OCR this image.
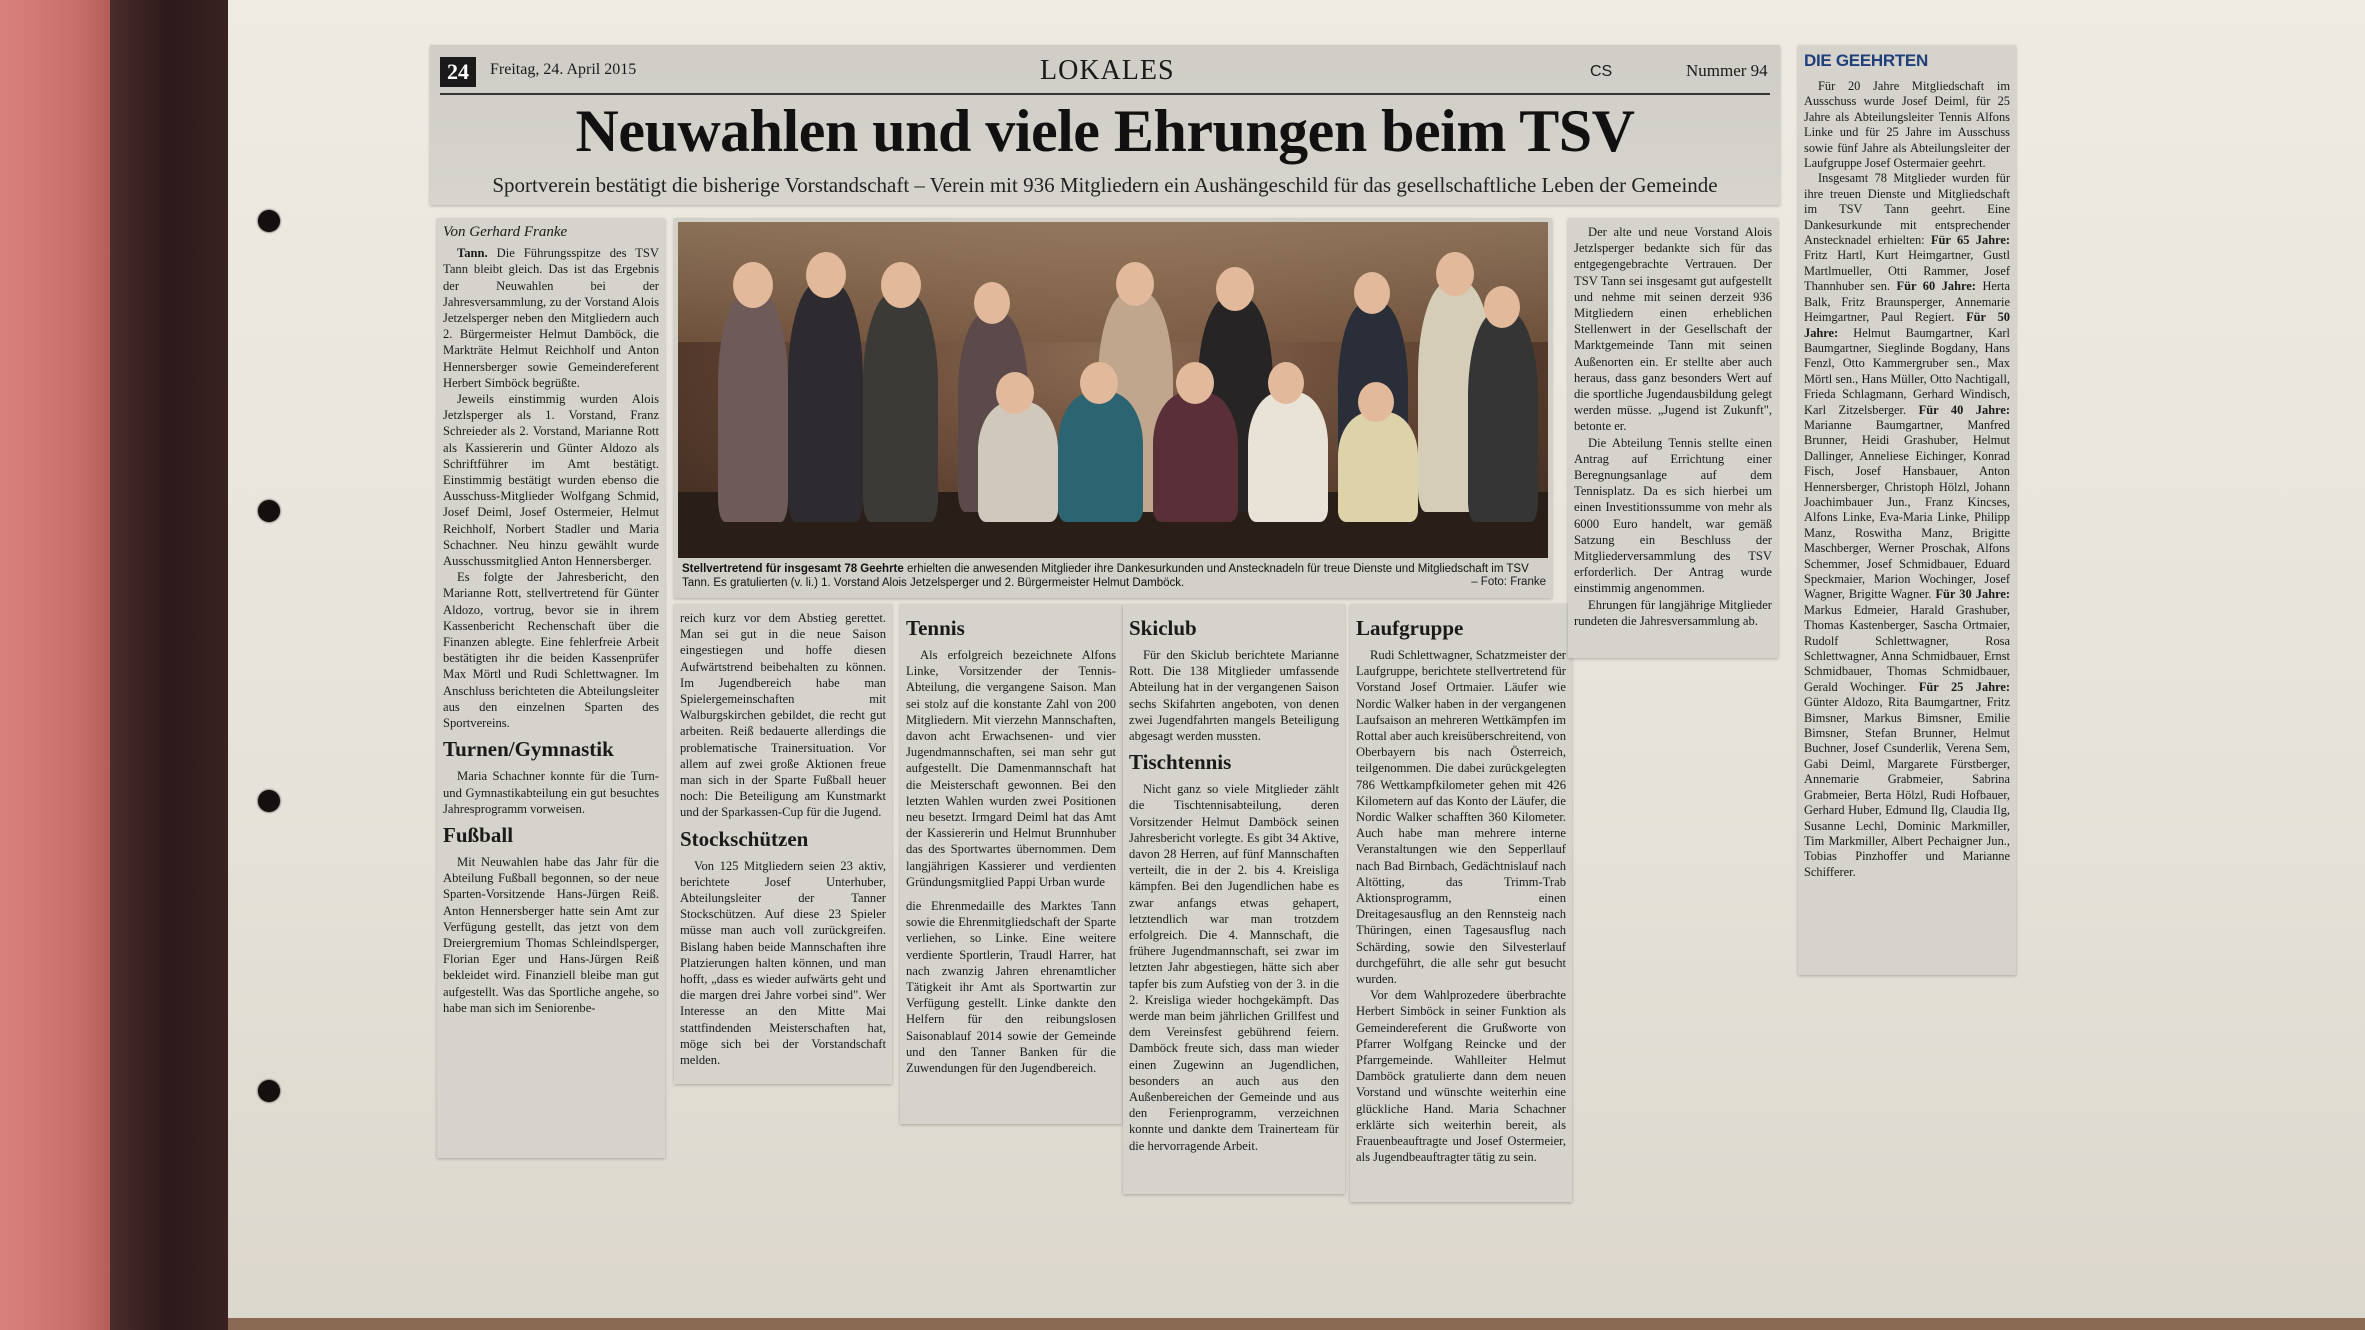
24	Freitag, 24. April 2015	LOKALES	CS	Nummer 94
Neuwahlen und viele Ehrungen beim TSV
Sportverein bestätigt die bisherige Vorstandschaft – Verein mit 936 Mitgliedern ein Aushängeschild für das gesellschaftliche Leben der Gemeinde
Von Gerhard Franke

Tann. Die Führungsspitze des TSV Tann bleibt gleich. Das ist das Ergebnis der Neuwahlen bei der Jahresversammlung, zu der Vorstand Alois Jetzelsperger neben den Mitgliedern auch 2. Bürgermeister Helmut Damböck, die Markträte Helmut Reichholf und Anton Hennersberger sowie Gemeindereferent Herbert Simböck begrüßte.

Jeweils einstimmig wurden Alois Jetzlsperger als 1. Vorstand, Franz Schreieder als 2. Vorstand, Marianne Rott als Kassiererin und Günter Aldozo als Schriftführer im Amt bestätigt. Einstimmig bestätigt wurden ebenso die Ausschuss-Mitglieder Wolfgang Schmid, Josef Deiml, Josef Ostermeier, Helmut Reichholf, Norbert Stadler und Maria Schachner. Neu hinzu gewählt wurde Ausschussmitglied Anton Hennersberger.

Es folgte der Jahresbericht, den Marianne Rott, stellvertretend für Günter Aldozo, vortrug, bevor sie in ihrem Kassenbericht Rechenschaft über die Finanzen ablegte. Eine fehlerfreie Arbeit bestätigten ihr die beiden Kassenprüfer Max Mörtl und Rudi Schlettwagner. Im Anschluss berichteten die Abteilungsleiter aus den einzelnen Sparten des Sportvereins.

Turnen/Gymnastik

Maria Schachner konnte für die Turn- und Gymnastikabteilung ein gut besuchtes Jahresprogramm vorweisen.

Fußball

Mit Neuwahlen habe das Jahr für die Abteilung Fußball begonnen, so der neue Sparten-Vorsitzende Hans-Jürgen Reiß. Anton Hennersberger hatte sein Amt zur Verfügung gestellt, das jetzt von dem Dreiergremium Thomas Schleindlsperger, Florian Eger und Hans-Jürgen Reiß bekleidet wird. Finanziell bleibe man gut aufgestellt. Was das Sportliche angehe, so habe man sich im Seniorenbe-

Stellvertretend für insgesamt 78 Geehrte erhielten die anwesenden Mitglieder ihre Dankesurkunden und Anstecknadeln für treue Dienste und Mitgliedschaft im TSV Tann. Es gratulierten (v. li.) 1. Vorstand Alois Jetzelsperger und 2. Bürgermeister Helmut Damböck.	– Foto: Franke

reich kurz vor dem Abstieg gerettet. Man sei gut in die neue Saison eingestiegen und hoffe diesen Aufwärtstrend beibehalten zu können. Im Jugendbereich habe man Spielergemeinschaften mit Walburgskirchen gebildet, die recht gut arbeiten. Reiß bedauerte allerdings die problematische Trainersituation. Vor allem auf zwei große Aktionen freue man sich in der Sparte Fußball heuer noch: Die Beteiligung am Kunstmarkt und der Sparkassen-Cup für die Jugend.

Stockschützen

Von 125 Mitgliedern seien 23 aktiv, berichtete Josef Unterhuber, Abteilungsleiter der Tanner Stockschützen. Auf diese 23 Spieler müsse man auch voll zurückgreifen. Bislang haben beide Mannschaften ihre Platzierungen halten können, und man hofft, „dass es wieder aufwärts geht und die margen drei Jahre vorbei sind". Wer Interesse an den Mitte Mai stattfindenden Meisterschaften hat, möge sich bei der Vorstandschaft melden.

Tennis

Als erfolgreich bezeichnete Alfons Linke, Vorsitzender der Tennis-Abteilung, die vergangene Saison. Man sei stolz auf die konstante Zahl von 200 Mitgliedern. Mit vierzehn Mannschaften, davon acht Erwachsenen- und vier Jugendmannschaften, sei man sehr gut aufgestellt. Die Damenmannschaft hat die Meisterschaft gewonnen. Bei den letzten Wahlen wurden zwei Positionen neu besetzt. Irmgard Deiml hat das Amt der Kassiererin und Helmut Brunnhuber das des Sportwartes übernommen. Dem langjährigen Kassierer und verdienten Gründungsmitglied Pappi Urban wurde

die Ehrenmedaille des Marktes Tann sowie die Ehrenmitgliedschaft der Sparte verliehen, so Linke. Eine weitere verdiente Sportlerin, Traudl Harrer, hat nach zwanzig Jahren ehrenamtlicher Tätigkeit ihr Amt als Sportwartin zur Verfügung gestellt. Linke dankte den Helfern für den reibungslosen Saisonablauf 2014 sowie der Gemeinde und den Tanner Banken für die Zuwendungen für den Jugendbereich.

Skiclub

Für den Skiclub berichtete Marianne Rott. Die 138 Mitglieder umfassende Abteilung hat in der vergangenen Saison sechs Skifahrten angeboten, von denen zwei Jugendfahrten mangels Beteiligung abgesagt werden mussten.

Tischtennis

Nicht ganz so viele Mitglieder zählt die Tischtennisabteilung, deren Vorsitzender Helmut Damböck seinen Jahresbericht vorlegte. Es gibt 34 Aktive, davon 28 Herren, auf fünf Mannschaften verteilt, die in der 2. bis 4. Kreisliga kämpfen. Bei den Jugendlichen habe es zwar anfangs etwas gehapert, letztendlich war man trotzdem erfolgreich. Die 4. Mannschaft, die frühere Jugendmannschaft, sei zwar im letzten Jahr abgestiegen, hätte sich aber tapfer bis zum Aufstieg von der 3. in die 2. Kreisliga wieder hochgekämpft. Das werde man beim jährlichen Grillfest und dem Vereinsfest gebührend feiern. Damböck freute sich, dass man wieder einen Zugewinn an Jugendlichen, besonders an auch aus den Außenbereichen der Gemeinde und aus den Ferienprogramm, verzeichnen konnte und dankte dem Trainerteam für die hervorragende Arbeit.

Laufgruppe

Rudi Schlettwagner, Schatzmeister der Laufgruppe, berichtete stellvertretend für Vorstand Josef Ortmaier. Läufer wie Nordic Walker haben in der vergangenen Laufsaison an mehreren Wettkämpfen im Rottal aber auch kreisüberschreitend, von Oberbayern bis nach Österreich, teilgenommen. Die dabei zurückgelegten 786 Wettkampfkilometer gehen mit 426 Kilometern auf das Konto der Läufer, die Nordic Walker schafften 360 Kilometer. Auch habe man mehrere interne Veranstaltungen wie den Sepperllauf nach Bad Birnbach, Gedächtnislauf nach Altötting, das Trimm-Trab Aktionsprogramm, einen Dreitagesausflug an den Rennsteig nach Thüringen, einen Tagesausflug nach Schärding, sowie den Silvesterlauf durchgeführt, die alle sehr gut besucht wurden.

Vor dem Wahlprozedere überbrachte Herbert Simböck in seiner Funktion als Gemeindereferent die Grußworte von Pfarrer Wolfgang Reincke und der Pfarrgemeinde. Wahlleiter Helmut Damböck gratulierte dann dem neuen Vorstand und wünschte weiterhin eine glückliche Hand. Maria Schachner erklärte sich weiterhin bereit, als Frauenbeauftragte und Josef Ostermeier, als Jugendbeauftragter tätig zu sein.

Der alte und neue Vorstand Alois Jetzlsperger bedankte sich für das entgegengebrachte Vertrauen. Der TSV Tann sei insgesamt gut aufgestellt und nehme mit seinen derzeit 936 Mitgliedern einen erheblichen Stellenwert in der Gesellschaft der Marktgemeinde Tann mit seinen Außenorten ein. Er stellte aber auch heraus, dass ganz besonders Wert auf die sportliche Jugendausbildung gelegt werden müsse. „Jugend ist Zukunft", betonte er.

Die Abteilung Tennis stellte einen Antrag auf Errichtung einer Beregnungsanlage auf dem Tennisplatz. Da es sich hierbei um einen Investitionssumme von mehr als 6000 Euro handelt, war gemäß Satzung ein Beschluss der Mitgliederversammlung des TSV erforderlich. Der Antrag wurde einstimmig angenommen.

Ehrungen für langjährige Mitglieder rundeten die Jahresversammlung ab.

DIE GEEHRTEN

Für 20 Jahre Mitgliedschaft im Ausschuss wurde Josef Deiml, für 25 Jahre als Abteilungsleiter Tennis Alfons Linke und für 25 Jahre im Ausschuss sowie fünf Jahre als Abteilungsleiter der Laufgruppe Josef Ostermaier geehrt.

Insgesamt 78 Mitglieder wurden für ihre treuen Dienste und Mitgliedschaft im TSV Tann geehrt. Eine Dankesurkunde mit entsprechender Anstecknadel erhielten: Für 65 Jahre: Fritz Hartl, Kurt Heimgartner, Gustl Martlmueller, Otti Rammer, Josef Thannhuber sen. Für 60 Jahre: Herta Balk, Fritz Braunsperger, Annemarie Heimgartner, Paul Regiert. Für 50 Jahre: Helmut Baumgartner, Karl Baumgartner, Sieglinde Bogdany, Hans Fenzl, Otto Kammergruber sen., Max Mörtl sen., Hans Müller, Otto Nachtigall, Frieda Schlagmann, Gerhard Windisch, Karl Zitzelsberger. Für 40 Jahre: Marianne Baumgartner, Manfred Brunner, Heidi Grashuber, Helmut Dallinger, Anneliese Eichinger, Konrad Fisch, Josef Hansbauer, Anton Hennersberger, Christoph Hölzl, Johann Joachimbauer Jun., Franz Kincses, Alfons Linke, Eva-Maria Linke, Philipp Manz, Roswitha Manz, Brigitte Maschberger, Werner Proschak, Alfons Schemmer, Josef Schmidbauer, Eduard Speckmaier, Marion Wochinger, Josef Wagner, Brigitte Wagner. Für 30 Jahre: Markus Edmeier, Harald Grashuber, Thomas Kastenberger, Sascha Ortmaier, Rudolf Schlettwagner, Rosa Schlettwagner, Anna Schmidbauer, Ernst Schmidbauer, Thomas Schmidbauer, Gerald Wochinger. Für 25 Jahre: Günter Aldozo, Rita Baumgartner, Fritz Bimsner, Markus Bimsner, Emilie Bimsner, Stefan Brunner, Helmut Buchner, Josef Csunderlik, Verena Sem, Gabi Deiml, Margarete Fürstberger, Annemarie Grabmeier, Sabrina Grabmeier, Berta Hölzl, Rudi Hofbauer, Gerhard Huber, Edmund Ilg, Claudia Ilg, Susanne Lechl, Dominic Markmiller, Tim Markmiller, Albert Pechaigner Jun., Tobias Pinzhoffer und Marianne Schifferer.
